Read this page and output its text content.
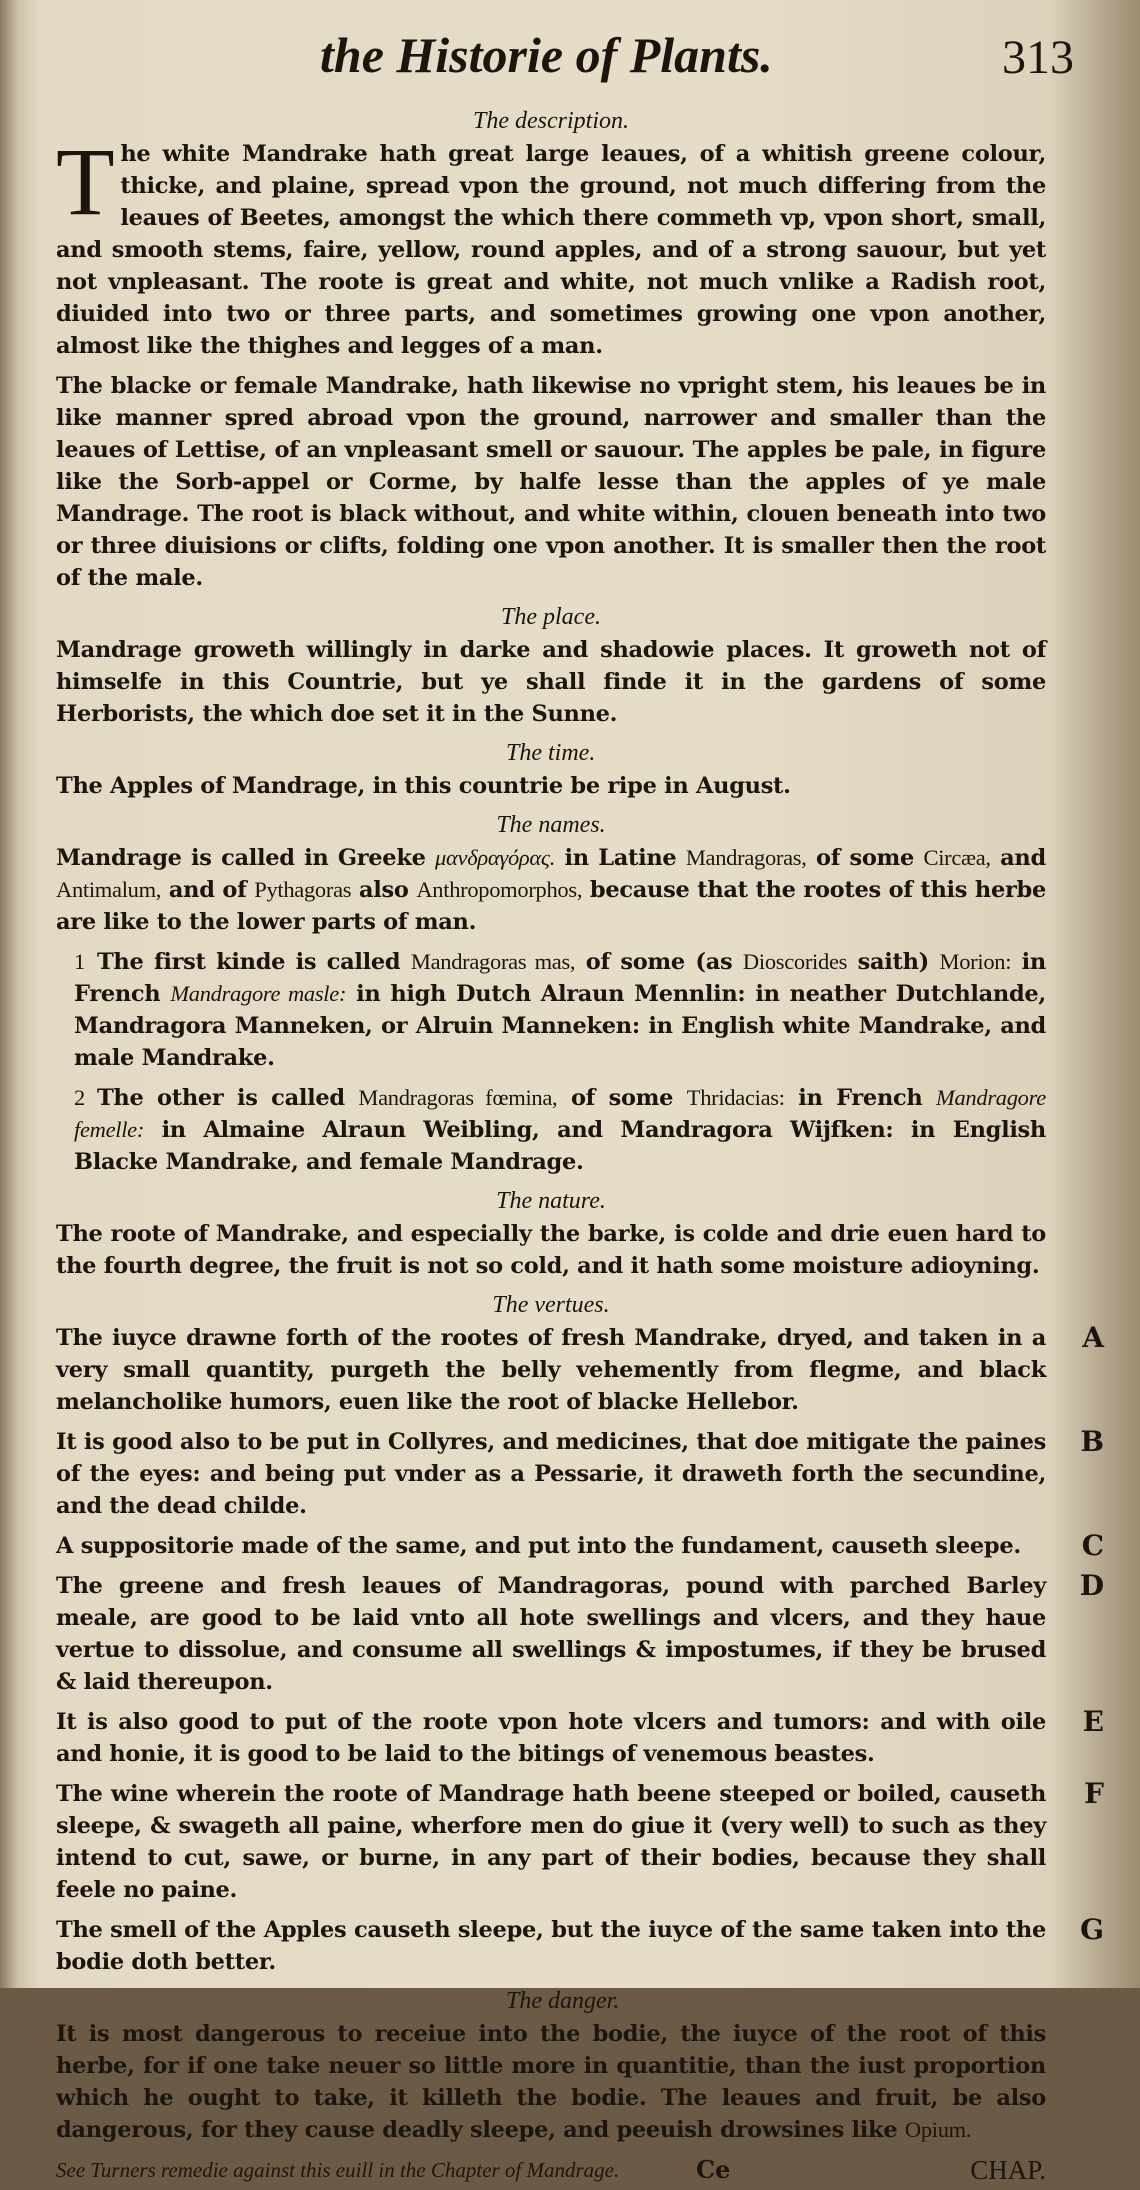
the Historie of Plants.	313
The description.

The white Mandrake hath great large leaues, of a whitish greene colour, thicke, and plaine, spread vpon the ground, not much differing from the leaues of Beetes, amongst the which there commeth vp, vpon short, small, and smooth stems, faire, yellow, round apples, and of a strong sauour, but yet not vnpleasant. The roote is great and white, not much vnlike a Radish root, diuided into two or three parts, and sometimes growing one vpon another, almost like the thighes and legges of a man.

The blacke or female Mandrake, hath likewise no vpright stem, his leaues be in like manner spred abroad vpon the ground, narrower and smaller than the leaues of Lettise, of an vnpleasant smell or sauour. The apples be pale, in figure like the Sorb-appel or Corme, by halfe lesse than the apples of ye male Mandrage. The root is black without, and white within, clouen beneath into two or three diuisions or clifts, folding one vpon another. It is smaller then the root of the male.

The place.

Mandrage groweth willingly in darke and shadowie places. It groweth not of himselfe in this Countrie, but ye shall finde it in the gardens of some Herborists, the which doe set it in the Sunne.

The time.

The Apples of Mandrage, in this countrie be ripe in August.

The names.

Mandrage is called in Greeke μανδραγόρας. in Latine Mandragoras, of some Circæa, and Antimalum, and of Pythagoras also Anthropomorphos, because that the rootes of this herbe are like to the lower parts of man.

1 The first kinde is called Mandragoras mas, of some (as Dioscorides saith) Morion: in French Mandragore masle: in high Dutch Alraun Mennlin: in neather Dutchlande, Mandragora Manneken, or Alruin Manneken: in English white Mandrake, and male Mandrake.

2 The other is called Mandragoras fœmina, of some Thridacias: in French Mandragore femelle: in Almaine Alraun Weibling, and Mandragora Wijfken: in English Blacke Mandrake, and female Mandrage.

The nature.

The roote of Mandrake, and especially the barke, is colde and drie euen hard to the fourth degree, the fruit is not so cold, and it hath some moisture adioyning.

The vertues.
A

The iuyce drawne forth of the rootes of fresh Mandrake, dryed, and taken in a very small quantity, purgeth the belly vehemently from flegme, and black melancholike humors, euen like the root of blacke Hellebor.

B

It is good also to be put in Collyres, and medicines, that doe mitigate the paines of the eyes: and being put vnder as a Pessarie, it draweth forth the secundine, and the dead childe.

C

A suppositorie made of the same, and put into the fundament, causeth sleepe.

D

The greene and fresh leaues of Mandragoras, pound with parched Barley meale, are good to be laid vnto all hote swellings and vlcers, and they haue vertue to dissolue, and consume all swellings & impostumes, if they be brused & laid thereupon.

E

It is also good to put of the roote vpon hote vlcers and tumors: and with oile and honie, it is good to be laid to the bitings of venemous beastes.

F

The wine wherein the roote of Mandrage hath beene steeped or boiled, causeth sleepe, & swageth all paine, wherfore men do giue it (very well) to such as they intend to cut, sawe, or burne, in any part of their bodies, because they shall feele no paine.

G

The smell of the Apples causeth sleepe, but the iuyce of the same taken into the bodie doth better.

The danger.

It is most dangerous to receiue into the bodie, the iuyce of the root of this herbe, for if one take neuer so little more in quantitie, than the iust proportion which he ought to take, it killeth the bodie. The leaues and fruit, be also dangerous, for they cause deadly sleepe, and peeuish drowsines like Opium.

See Turners remedie against this euill in the Chapter of Mandrage.	Ce	CHAP.
